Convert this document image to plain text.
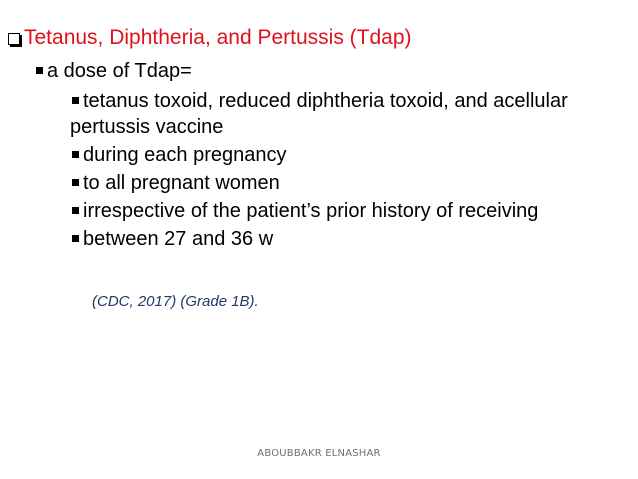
Tetanus, Diphtheria, and Pertussis (Tdap)
a dose of Tdap=
tetanus toxoid, reduced diphtheria toxoid, and acellular pertussis vaccine
during each pregnancy
to all pregnant women
irrespective of the patient’s prior history of receiving
between 27 and 36 w
(CDC, 2017) (Grade 1B).
ABOUBBAKR ELNASHAR
